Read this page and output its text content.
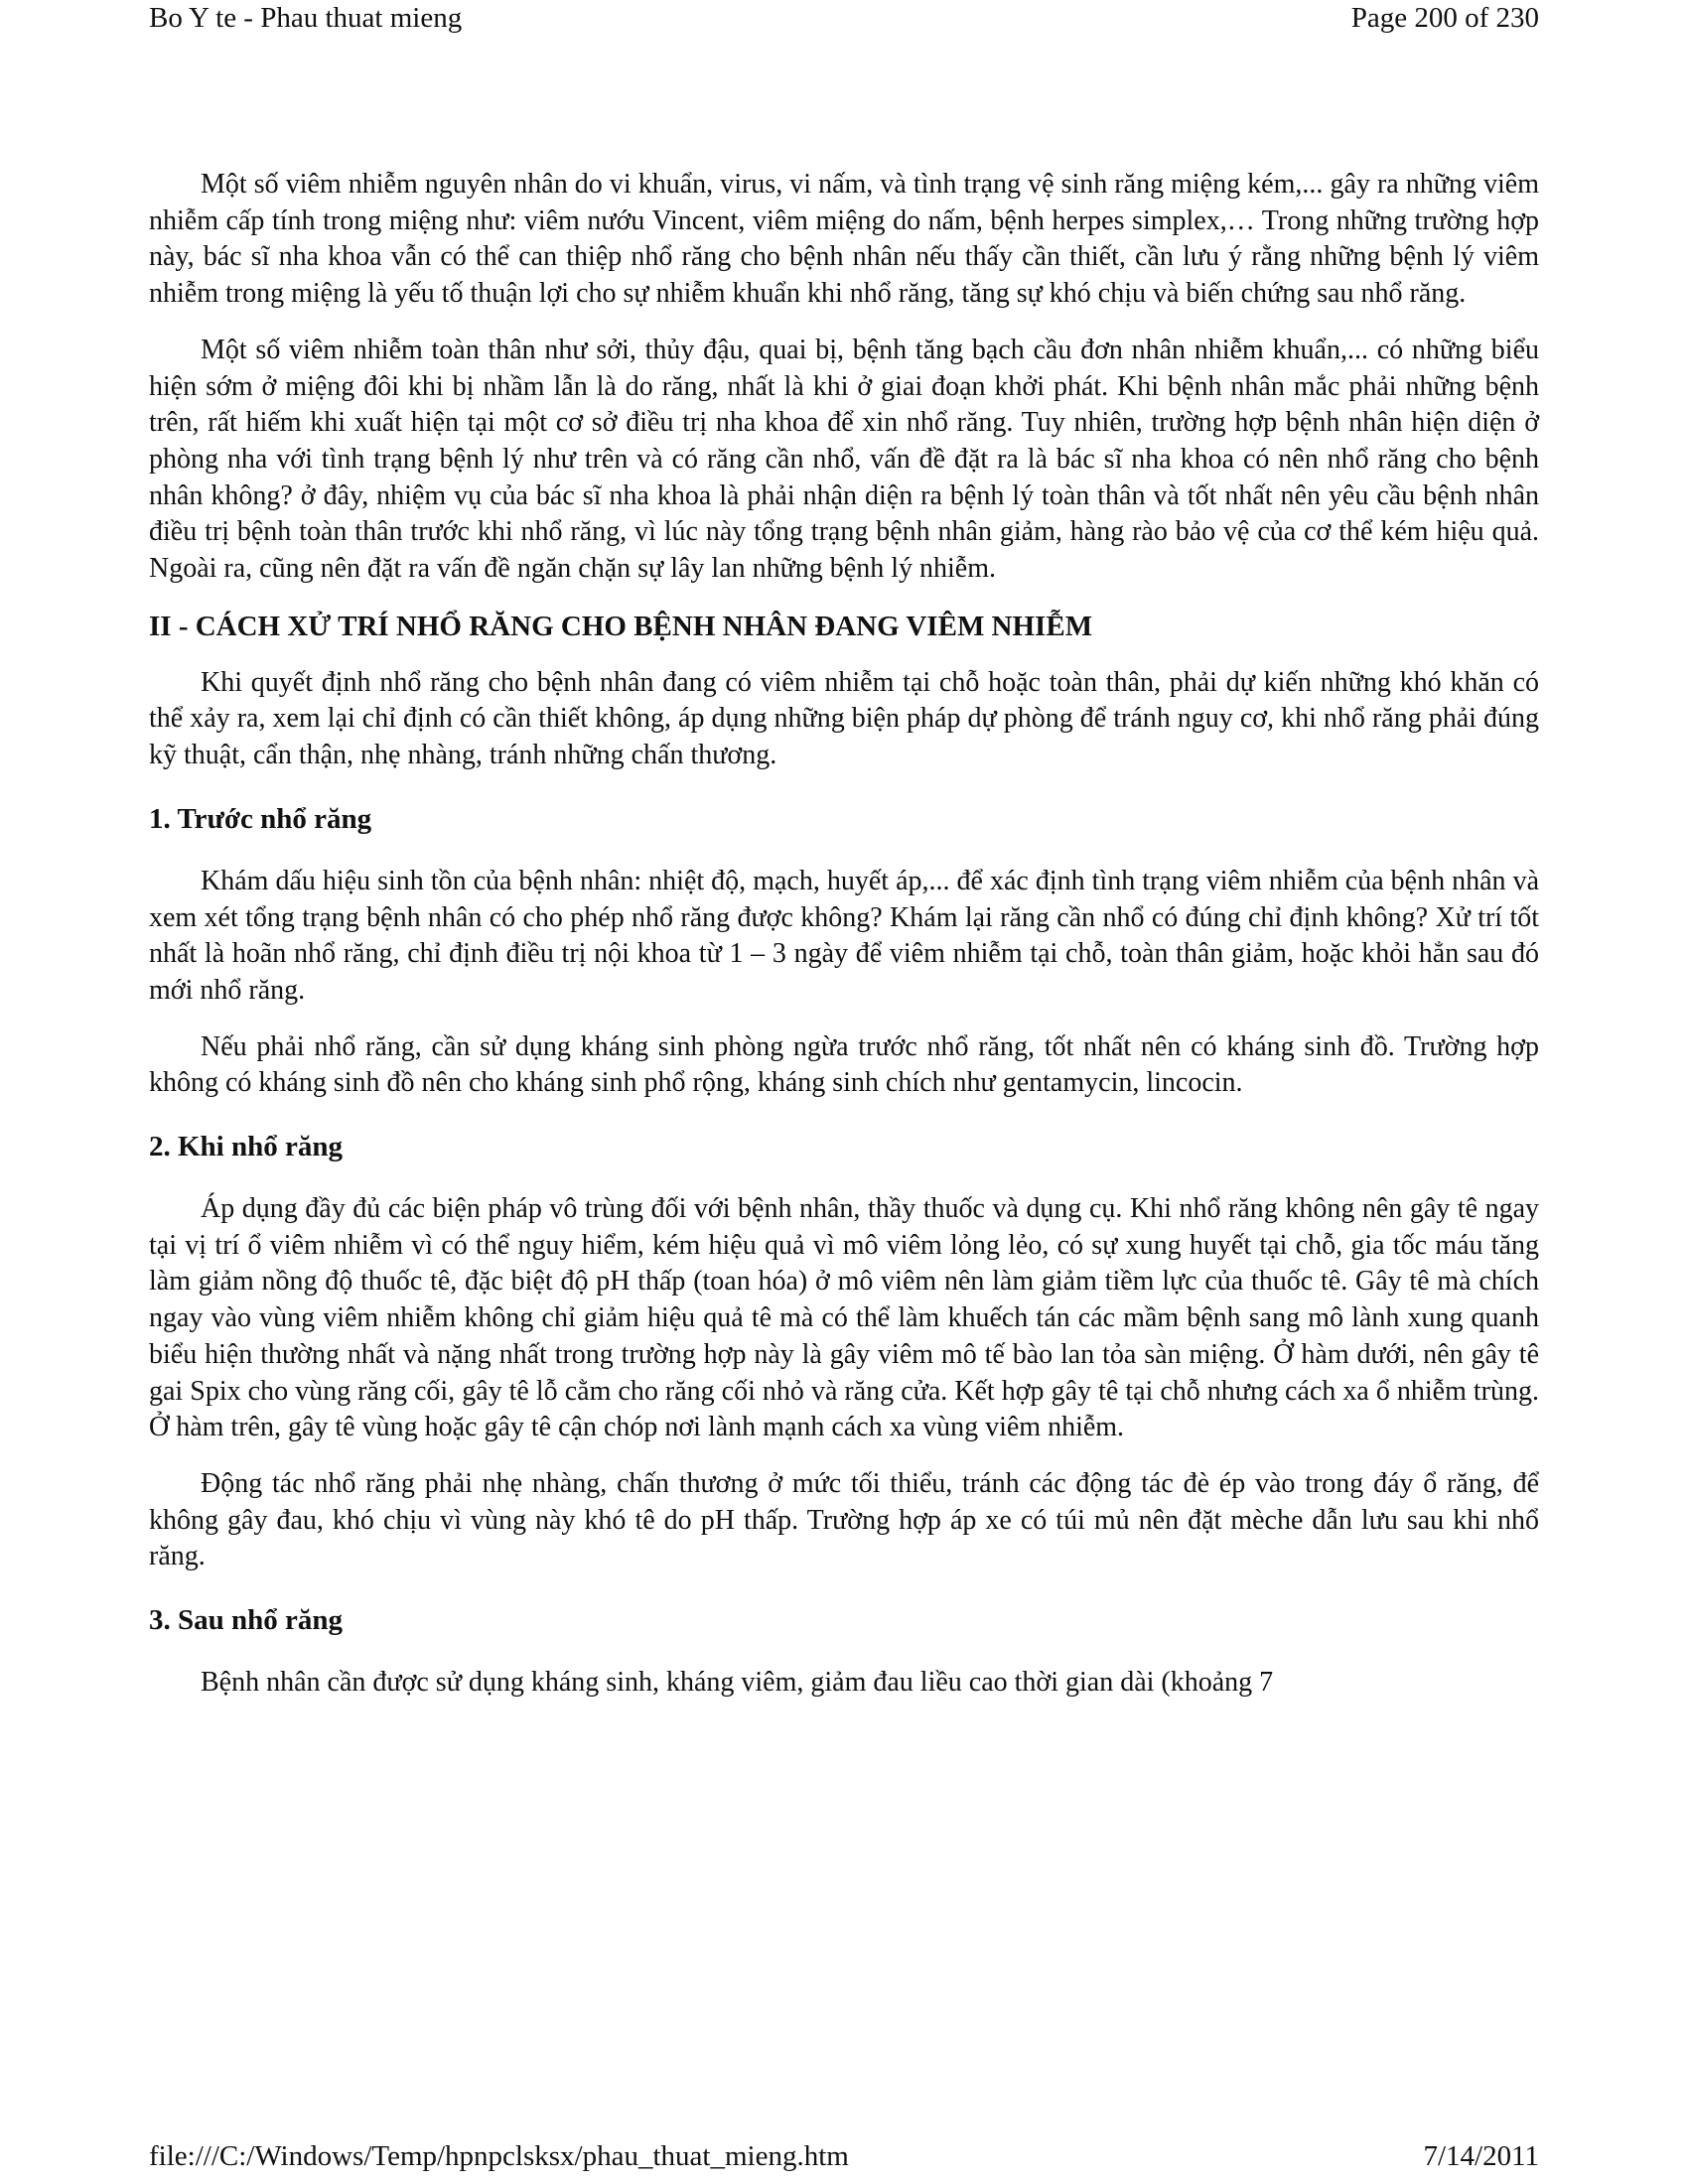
Bo Y te - Phau thuat mieng	Page 200 of 230

Một số viêm nhiễm nguyên nhân do vi khuẩn, virus, vi nấm, và tình trạng vệ sinh răng miệng kém,... gây ra những viêm nhiễm cấp tính trong miệng như: viêm nướu Vincent, viêm miệng do nấm, bệnh herpes simplex,… Trong những trường hợp này, bác sĩ nha khoa vẫn có thể can thiệp nhổ răng cho bệnh nhân nếu thấy cần thiết, cần lưu ý rằng những bệnh lý viêm nhiễm trong miệng là yếu tố thuận lợi cho sự nhiễm khuẩn khi nhổ răng, tăng sự khó chịu và biến chứng sau nhổ răng.

Một số viêm nhiễm toàn thân như sởi, thủy đậu, quai bị, bệnh tăng bạch cầu đơn nhân nhiễm khuẩn,... có những biểu hiện sớm ở miệng đôi khi bị nhầm lẫn là do răng, nhất là khi ở giai đoạn khởi phát. Khi bệnh nhân mắc phải những bệnh trên, rất hiếm khi xuất hiện tại một cơ sở điều trị nha khoa để xin nhổ răng. Tuy nhiên, trường hợp bệnh nhân hiện diện ở phòng nha với tình trạng bệnh lý như trên và có răng cần nhổ, vấn đề đặt ra là bác sĩ nha khoa có nên nhổ răng cho bệnh nhân không? ở đây, nhiệm vụ của bác sĩ nha khoa là phải nhận diện ra bệnh lý toàn thân và tốt nhất nên yêu cầu bệnh nhân điều trị bệnh toàn thân trước khi nhổ răng, vì lúc này tổng trạng bệnh nhân giảm, hàng rào bảo vệ của cơ thể kém hiệu quả. Ngoài ra, cũng nên đặt ra vấn đề ngăn chặn sự lây lan những bệnh lý nhiễm.

II - CÁCH XỬ TRÍ NHỔ RĂNG CHO BỆNH NHÂN ĐANG VIÊM NHIỄM

Khi quyết định nhổ răng cho bệnh nhân đang có viêm nhiễm tại chỗ hoặc toàn thân, phải dự kiến những khó khăn có thể xảy ra, xem lại chỉ định có cần thiết không, áp dụng những biện pháp dự phòng để tránh nguy cơ, khi nhổ răng phải đúng kỹ thuật, cẩn thận, nhẹ nhàng, tránh những chấn thương.

1. Trước nhổ răng

Khám dấu hiệu sinh tồn của bệnh nhân: nhiệt độ, mạch, huyết áp,... để xác định tình trạng viêm nhiễm của bệnh nhân và xem xét tổng trạng bệnh nhân có cho phép nhổ răng được không? Khám lại răng cần nhổ có đúng chỉ định không? Xử trí tốt nhất là hoãn nhổ răng, chỉ định điều trị nội khoa từ 1 – 3 ngày để viêm nhiễm tại chỗ, toàn thân giảm, hoặc khỏi hẳn sau đó mới nhổ răng.

Nếu phải nhổ răng, cần sử dụng kháng sinh phòng ngừa trước nhổ răng, tốt nhất nên có kháng sinh đồ. Trường hợp không có kháng sinh đồ nên cho kháng sinh phổ rộng, kháng sinh chích như gentamycin, lincocin.

2. Khi nhổ răng

Áp dụng đầy đủ các biện pháp vô trùng đối với bệnh nhân, thầy thuốc và dụng cụ. Khi nhổ răng không nên gây tê ngay tại vị trí ổ viêm nhiễm vì có thể nguy hiểm, kém hiệu quả vì mô viêm lỏng lẻo, có sự xung huyết tại chỗ, gia tốc máu tăng làm giảm nồng độ thuốc tê, đặc biệt độ pH thấp (toan hóa) ở mô viêm nên làm giảm tiềm lực của thuốc tê. Gây tê mà chích ngay vào vùng viêm nhiễm không chỉ giảm hiệu quả tê mà có thể làm khuếch tán các mầm bệnh sang mô lành xung quanh biểu hiện thường nhất và nặng nhất trong trường hợp này là gây viêm mô tế bào lan tỏa sàn miệng. Ở hàm dưới, nên gây tê gai Spix cho vùng răng cối, gây tê lỗ cằm cho răng cối nhỏ và răng cửa. Kết hợp gây tê tại chỗ nhưng cách xa ổ nhiễm trùng. Ở hàm trên, gây tê vùng hoặc gây tê cận chóp nơi lành mạnh cách xa vùng viêm nhiễm.

Động tác nhổ răng phải nhẹ nhàng, chấn thương ở mức tối thiểu, tránh các động tác đè ép vào trong đáy ổ răng, để không gây đau, khó chịu vì vùng này khó tê do pH thấp. Trường hợp áp xe có túi mủ nên đặt mèche dẫn lưu sau khi nhổ răng.

3. Sau nhổ răng

Bệnh nhân cần được sử dụng kháng sinh, kháng viêm, giảm đau liều cao thời gian dài (khoảng 7

file:///C:/Windows/Temp/hpnpclsksx/phau_thuat_mieng.htm	7/14/2011
